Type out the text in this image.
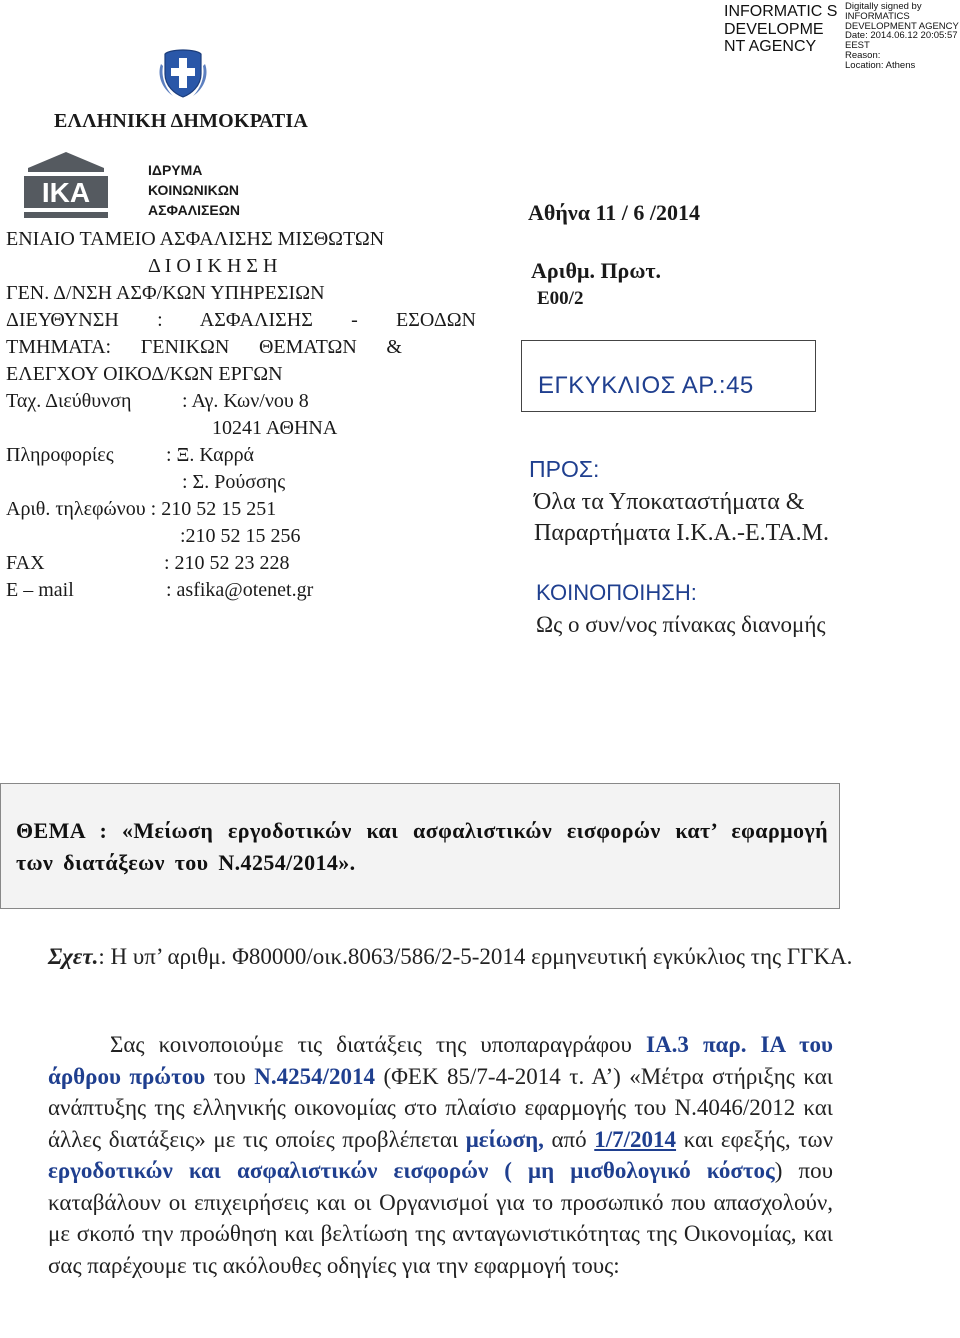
INFORMATIC S DEVELOPME NT AGENCY
Digitally signed by
INFORMATICS
DEVELOPMENT AGENCY
Date: 2014.06.12 20:05:57
EEST
Reason:
Location: Athens
ΕΛΛΗΝΙΚΗ ΔΗΜΟΚΡΑΤΙΑ
IKA
ΙΔΡΥΜΑ
ΚΟΙΝΩΝΙΚΩΝ
ΑΣΦΑΛΙΣΕΩΝ
ΕΝΙΑΙΟ ΤΑΜΕΙΟ ΑΣΦΑΛΙΣΗΣ ΜΙΣΘΩΤΩΝ
Δ Ι Ο Ι Κ Η Σ Η
ΓΕΝ. Δ/ΝΣΗ ΑΣΦ/ΚΩΝ ΥΠΗΡΕΣΙΩΝ
ΔΙΕΥΘΥΝΣΗ : ΑΣΦΑΛΙΣΗΣ - ΕΣΟΔΩΝ
ΤΜΗΜΑΤΑ: ΓΕΝΙΚΩΝ ΘΕΜΑΤΩΝ &
ΕΛΕΓΧΟΥ ΟΙΚΟΔ/ΚΩΝ ΕΡΓΩΝ
Ταχ. Διεύθυνση	: Αγ. Κων/νου 8
10241 ΑΘΗΝΑ
Πληροφορίες	: Ξ. Καρρά
: Σ. Ρούσσης
Αριθ. τηλεφώνου : 210 52 15 251
:210 52 15 256
FAX	: 210 52 23 228
E – mail	: asfika@otenet.gr
Αθήνα 11 / 6 /2014
Αριθμ. Πρωτ.
Ε00/2
ΕΓΚΥΚΛΙΟΣ ΑΡ.:45
ΠΡΟΣ:
Όλα τα Υποκαταστήματα &
Παραρτήματα Ι.Κ.Α.-Ε.ΤΑ.Μ.
ΚΟΙΝΟΠΟΙΗΣΗ:
Ως ο συν/νος πίνακας διανομής
ΘΕΜΑ : «Μείωση εργοδοτικών και ασφαλιστικών εισφορών κατ’ εφαρμογή των διατάξεων του Ν.4254/2014».
Σχετ.: Η υπ’ αριθμ. Φ80000/οικ.8063/586/2-5-2014 ερμηνευτική εγκύκλιος της ΓΓΚΑ.
Σας κοινοποιούμε τις διατάξεις της υποπαραγράφου ΙΑ.3 παρ. ΙΑ του άρθρου πρώτου του Ν.4254/2014 (ΦΕΚ 85/7-4-2014 τ. Α’) «Μέτρα στήριξης και ανάπτυξης της ελληνικής οικονομίας στο πλαίσιο εφαρμογής του Ν.4046/2012 και άλλες διατάξεις» με τις οποίες προβλέπεται μείωση, από 1/7/2014 και εφεξής, των εργοδοτικών και ασφαλιστικών εισφορών ( μη μισθολογικό κόστος) που καταβάλουν οι επιχειρήσεις και οι Οργανισμοί για το προσωπικό που απασχολούν, με σκοπό την προώθηση και βελτίωση της ανταγωνιστικότητας της Οικονομίας, και σας παρέχουμε τις ακόλουθες οδηγίες για την εφαρμογή τους:
